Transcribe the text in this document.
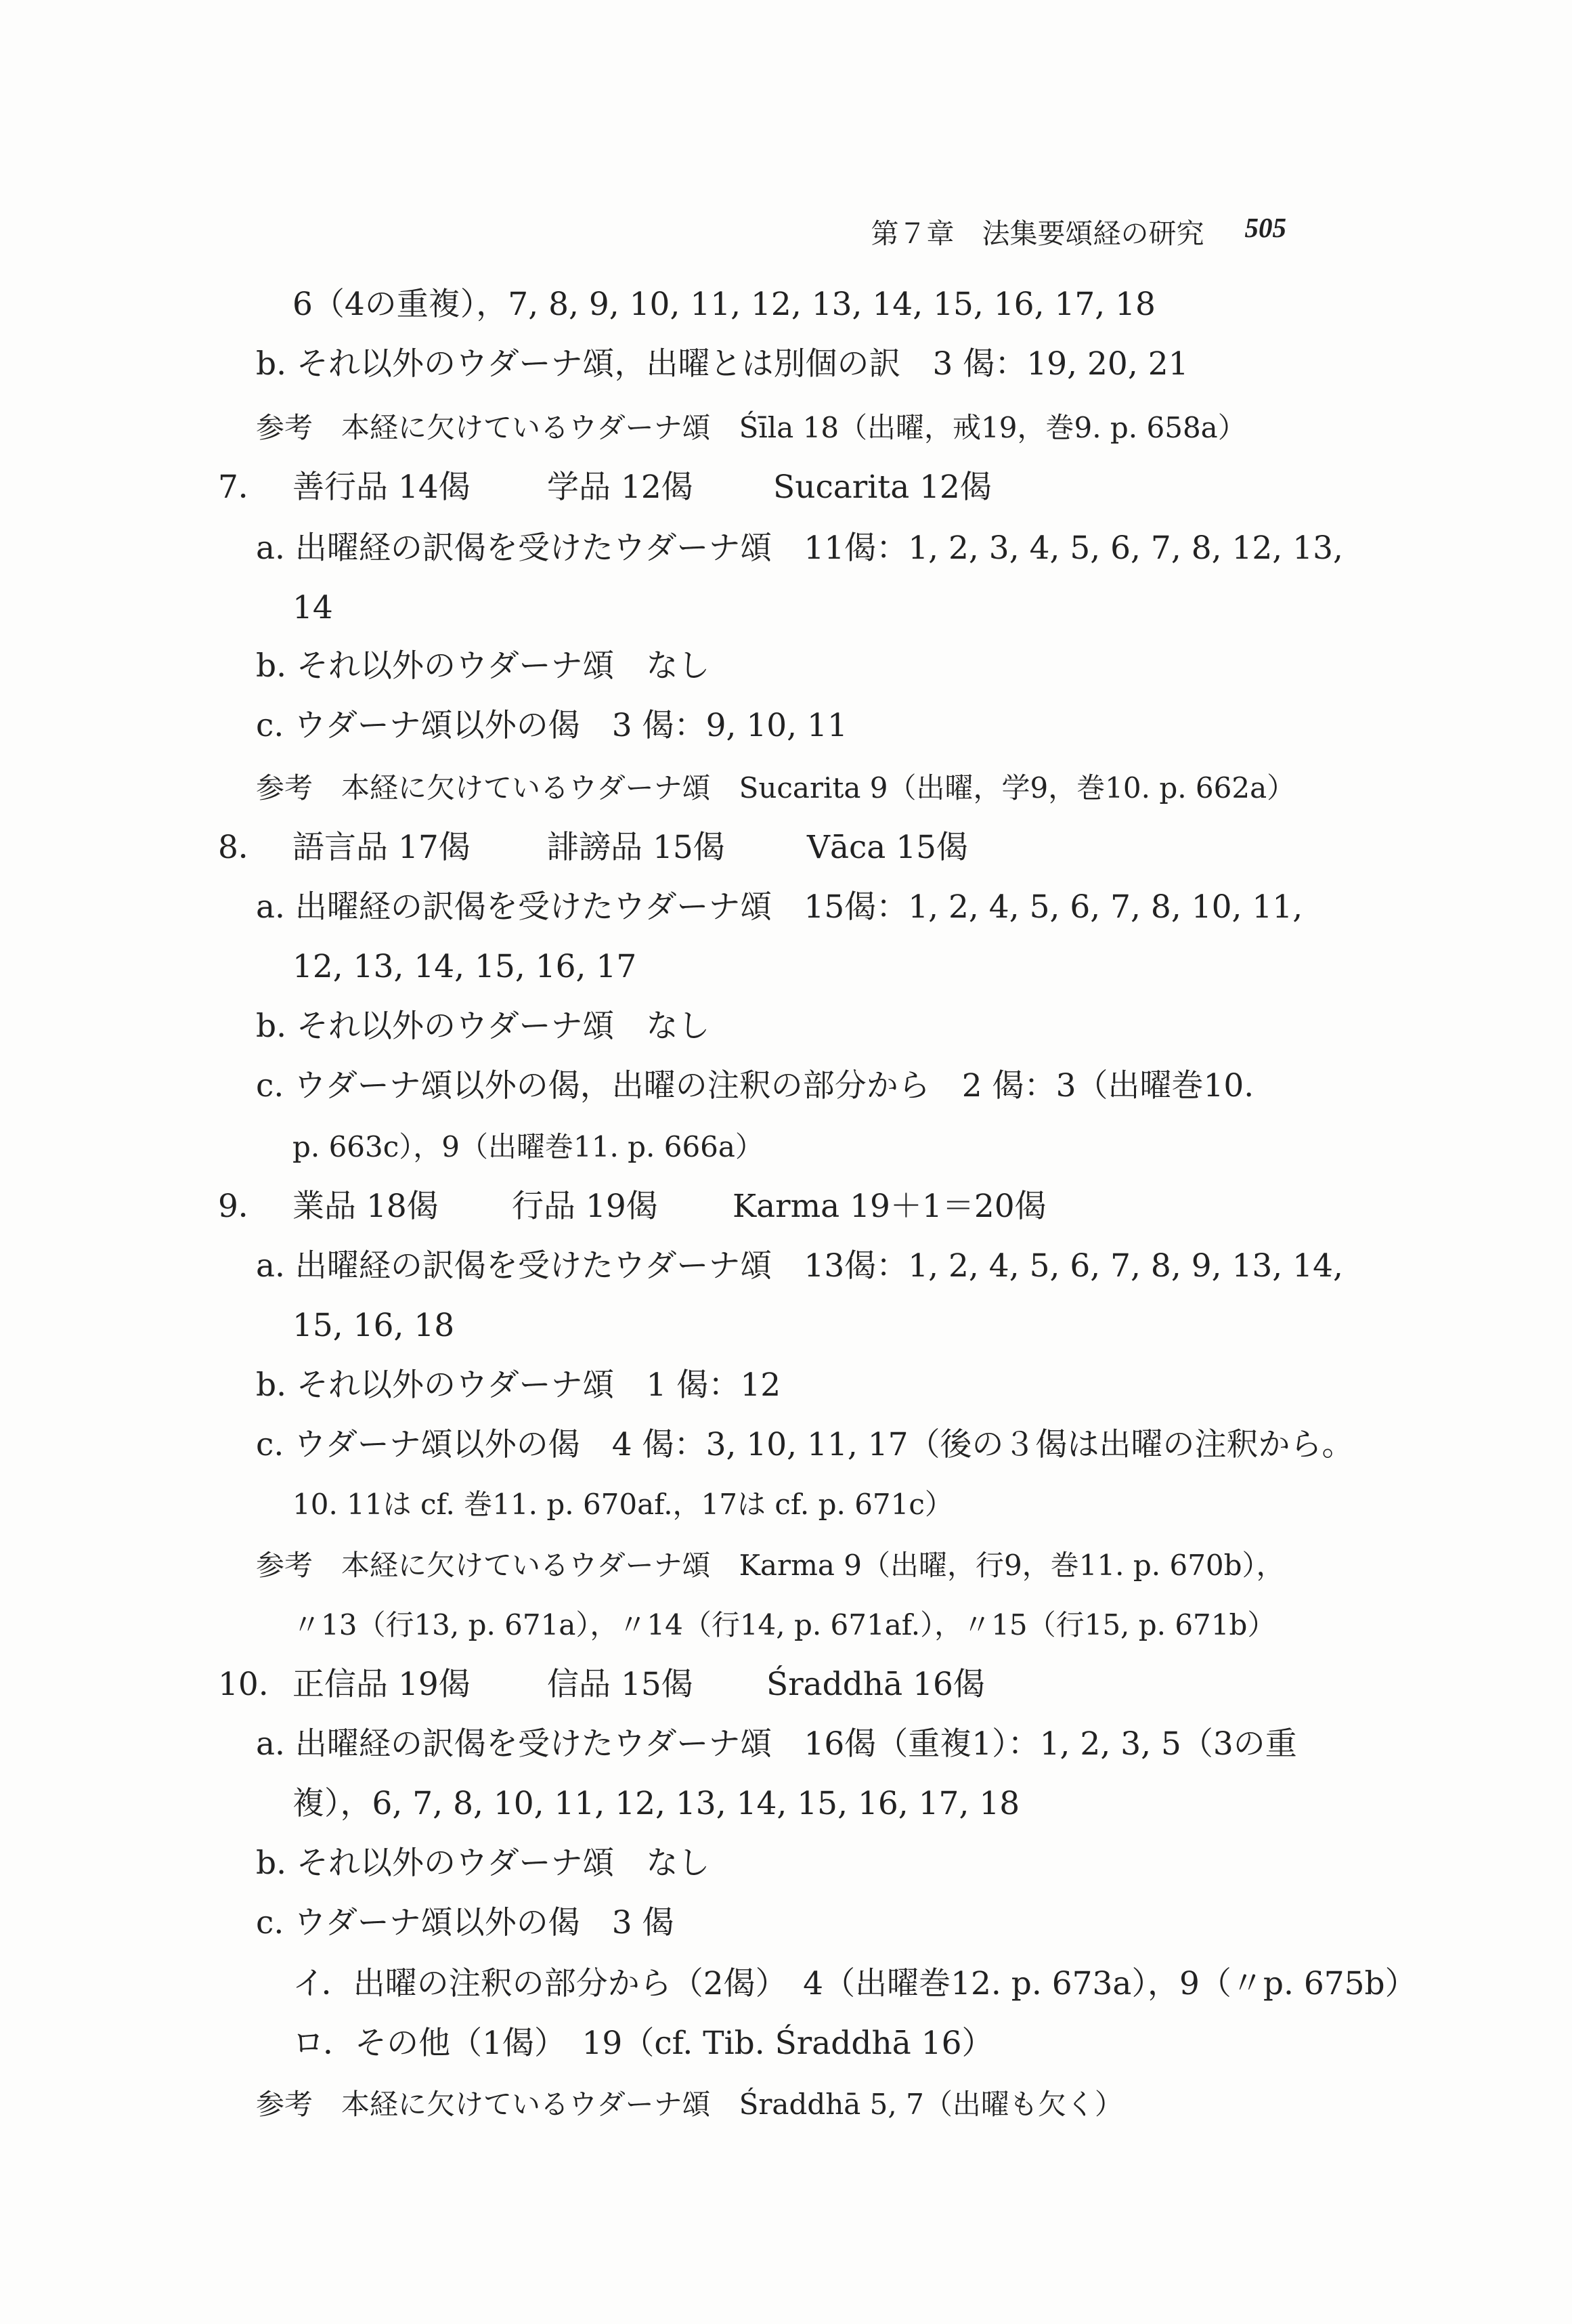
第７章　法集要頌経の研究 505
6（4の重複），7, 8, 9, 10, 11, 12, 13, 14, 15, 16, 17, 18
b. それ以外のウダーナ頌，出曜とは別個の訳　3 偈：19, 20, 21
参考　本経に欠けているウダーナ頌　Śīla 18（出曜，戒19，巻9. p. 658a）
7． 善行品 14偈 学品 12偈	Sucarita 12偈
a. 出曜経の訳偈を受けたウダーナ頌　11偈：1, 2, 3, 4, 5, 6, 7, 8, 12, 13,
14
b. それ以外のウダーナ頌　なし
c. ウダーナ頌以外の偈　3 偈：9, 10, 11
参考　本経に欠けているウダーナ頌　Sucarita 9（出曜，学9，巻10. p. 662a）
8． 語言品 17偈 誹謗品 15偈	Vāca 15偈
a. 出曜経の訳偈を受けたウダーナ頌　15偈：1, 2, 4, 5, 6, 7, 8, 10, 11,
12, 13, 14, 15, 16, 17
b. それ以外のウダーナ頌　なし
c. ウダーナ頌以外の偈，出曜の注釈の部分から　2 偈：3（出曜巻10.
p. 663c），9（出曜巻11. p. 666a）
9． 業品 18偈 行品 19偈 Karma 19＋1＝20偈
a. 出曜経の訳偈を受けたウダーナ頌　13偈：1, 2, 4, 5, 6, 7, 8, 9, 13, 14,
15, 16, 18
b. それ以外のウダーナ頌　1 偈：12
c. ウダーナ頌以外の偈　4 偈：3, 10, 11, 17（後の３偈は出曜の注釈から。
10. 11は cf. 巻11. p. 670af.，17は cf. p. 671c）
参考　本経に欠けているウダーナ頌　Karma 9（出曜，行9，巻11. p. 670b），
〃13（行13, p. 671a），〃14（行14, p. 671af.），〃15（行15, p. 671b）
10. 正信品 19偈 信品 15偈 Śraddhā 16偈
a. 出曜経の訳偈を受けたウダーナ頌　16偈（重複1）：1, 2, 3, 5（3の重
複），6, 7, 8, 10, 11, 12, 13, 14, 15, 16, 17, 18
b. それ以外のウダーナ頌　なし
c. ウダーナ頌以外の偈　3 偈
イ．出曜の注釈の部分から（2偈）　4（出曜巻12. p. 673a），9（〃p. 675b）
ロ．その他（1偈）　19（cf. Tib. Śraddhā 16）
参考　本経に欠けているウダーナ頌　Śraddhā 5, 7（出曜も欠く）
